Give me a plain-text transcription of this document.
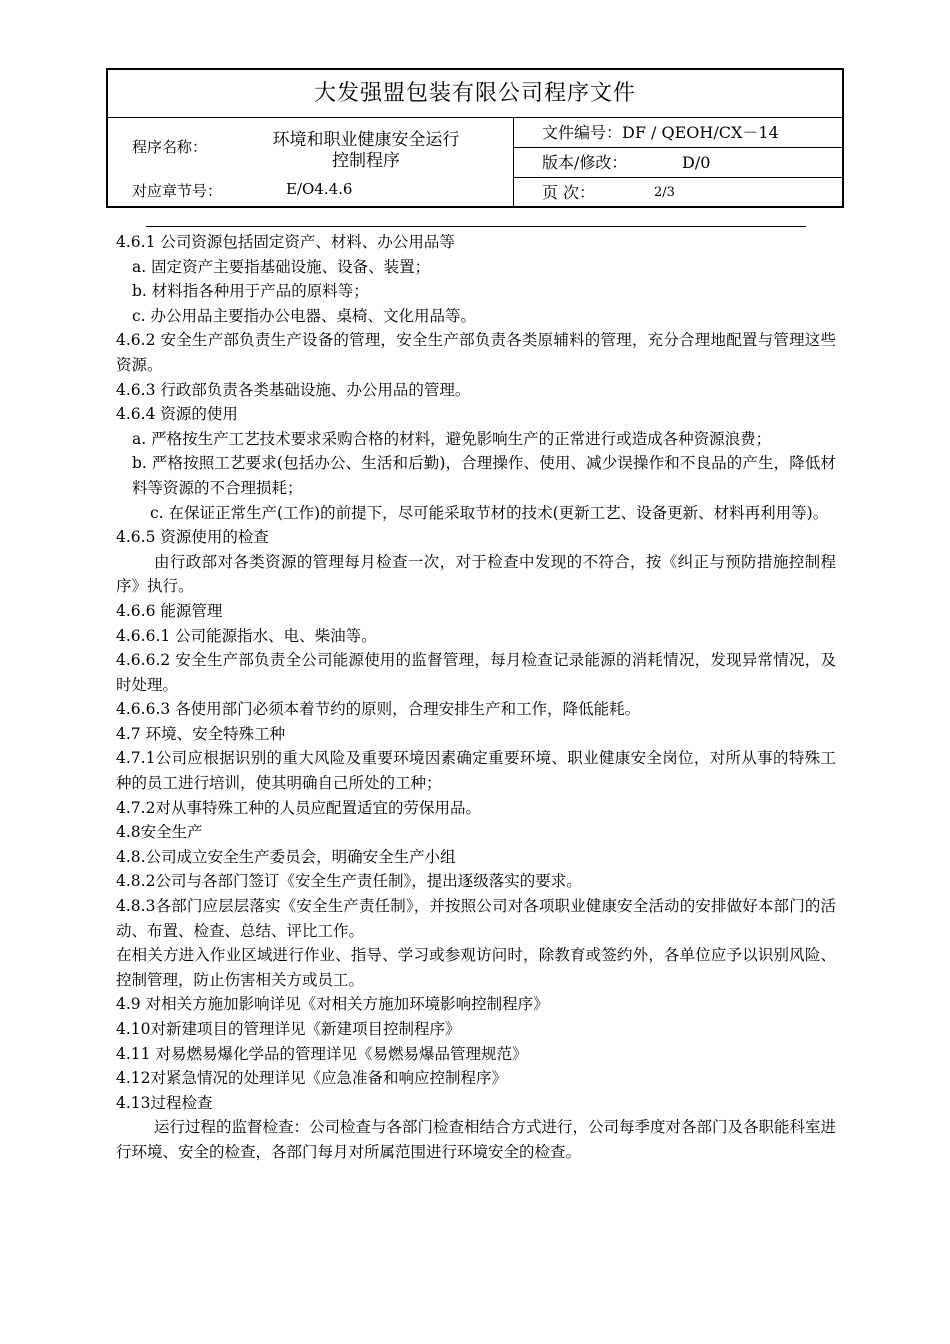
大发强盟包装有限公司程序文件
程序名称：	环境和职业健康安全运行
控制程序
对应章节号：	E/O4.4.6
文件编号： DF / QEOH/CX－14
版本/修改：	D/0
页 次：	2/3

4.6.1 公司资源包括固定资产、材料、办公用品等

a. 固定资产主要指基础设施、设备、装置；

b. 材料指各种用于产品的原料等；

c. 办公用品主要指办公电器、桌椅、文化用品等。

4.6.2 安全生产部负责生产设备的管理，安全生产部负责各类原辅料的管理，充分合理地配置与管理这些资源。

4.6.3 行政部负责各类基础设施、办公用品的管理。

4.6.4 资源的使用

a. 严格按生产工艺技术要求采购合格的材料，避免影响生产的正常进行或造成各种资源浪费；

b. 严格按照工艺要求(包括办公、生活和后勤)，合理操作、使用、减少误操作和不良品的产生，降低材料等资源的不合理损耗；

c. 在保证正常生产(工作)的前提下，尽可能采取节材的技术(更新工艺、设备更新、材料再利用等)。

4.6.5 资源使用的检查

由行政部对各类资源的管理每月检查一次，对于检查中发现的不符合，按《纠正与预防措施控制程序》执行。

4.6.6 能源管理

4.6.6.1 公司能源指水、电、柴油等。

4.6.6.2 安全生产部负责全公司能源使用的监督管理，每月检查记录能源的消耗情况，发现异常情况，及时处理。

4.6.6.3 各使用部门必须本着节约的原则，合理安排生产和工作，降低能耗。

4.7 环境、安全特殊工种

4.7.1公司应根据识别的重大风险及重要环境因素确定重要环境、职业健康安全岗位，对所从事的特殊工种的员工进行培训，使其明确自己所处的工种；

4.7.2对从事特殊工种的人员应配置适宜的劳保用品。

4.8安全生产

4.8.公司成立安全生产委员会，明确安全生产小组

4.8.2公司与各部门签订《安全生产责任制》，提出逐级落实的要求。

4.8.3各部门应层层落实《安全生产责任制》，并按照公司对各项职业健康安全活动的安排做好本部门的活动、布置、检查、总结、评比工作。

在相关方进入作业区域进行作业、指导、学习或参观访问时，除教育或签约外，各单位应予以识别风险、控制管理，防止伤害相关方或员工。

4.9 对相关方施加影响详见《对相关方施加环境影响控制程序》

4.10对新建项目的管理详见《新建项目控制程序》

4.11 对易燃易爆化学品的管理详见《易燃易爆品管理规范》

4.12对紧急情况的处理详见《应急准备和响应控制程序》

4.13过程检查

运行过程的监督检查：公司检查与各部门检查相结合方式进行，公司每季度对各部门及各职能科室进行环境、安全的检查，各部门每月对所属范围进行环境安全的检查。
